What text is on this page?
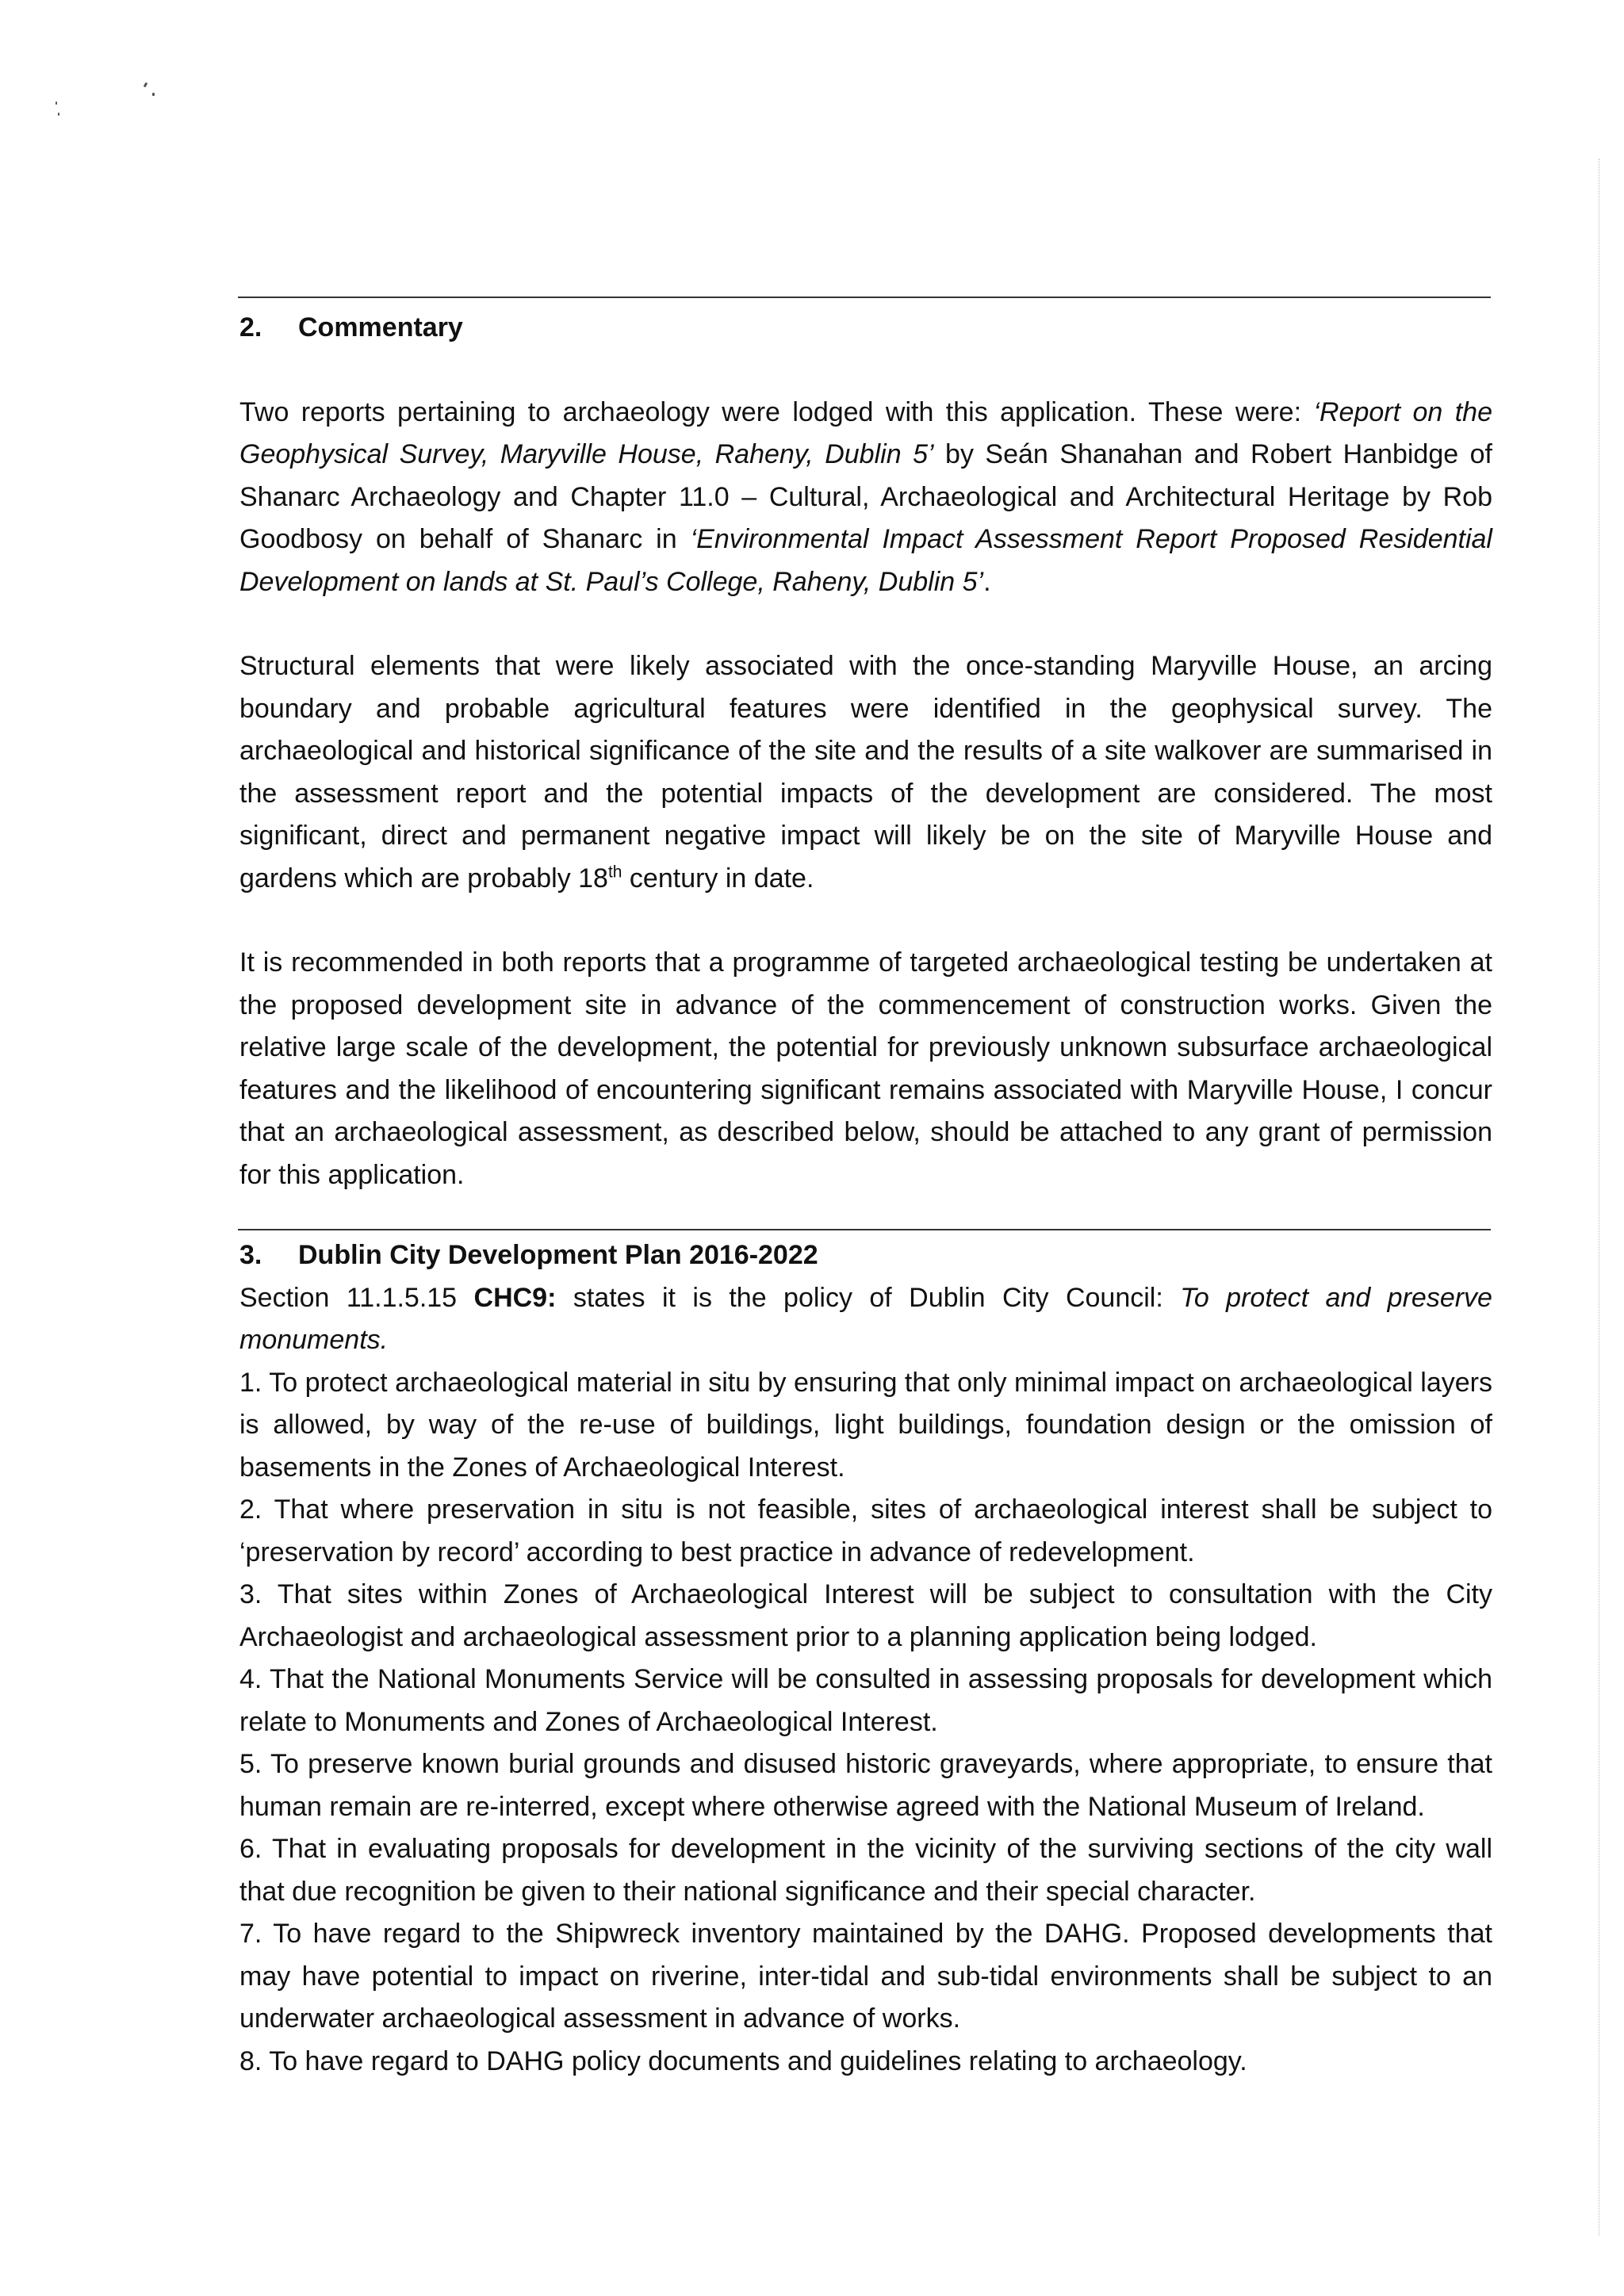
2. Commentary

Two reports pertaining to archaeology were lodged with this application. These were: ‘Report on the Geophysical Survey, Maryville House, Raheny, Dublin 5’ by Seán Shanahan and Robert Hanbidge of Shanarc Archaeology and Chapter 11.0 – Cultural, Archaeological and Architectural Heritage by Rob Goodbosy on behalf of Shanarc in ‘Environmental Impact Assessment Report Proposed Residential Development on lands at St. Paul’s College, Raheny, Dublin 5’.

Structural elements that were likely associated with the once-standing Maryville House, an arcing boundary and probable agricultural features were identified in the geophysical survey. The archaeological and historical significance of the site and the results of a site walkover are summarised in the assessment report and the potential impacts of the development are considered. The most significant, direct and permanent negative impact will likely be on the site of Maryville House and gardens which are probably 18th century in date.

It is recommended in both reports that a programme of targeted archaeological testing be undertaken at the proposed development site in advance of the commencement of construction works. Given the relative large scale of the development, the potential for previously unknown subsurface archaeological features and the likelihood of encountering significant remains associated with Maryville House, I concur that an archaeological assessment, as described below, should be attached to any grant of permission for this application.

3. Dublin City Development Plan 2016-2022

Section 11.1.5.15 CHC9: states it is the policy of Dublin City Council: To protect and preserve monuments.

1. To protect archaeological material in situ by ensuring that only minimal impact on archaeological layers is allowed, by way of the re-use of buildings, light buildings, foundation design or the omission of basements in the Zones of Archaeological Interest.

2. That where preservation in situ is not feasible, sites of archaeological interest shall be subject to ‘preservation by record’ according to best practice in advance of redevelopment.

3. That sites within Zones of Archaeological Interest will be subject to consultation with the City Archaeologist and archaeological assessment prior to a planning application being lodged.

4. That the National Monuments Service will be consulted in assessing proposals for development which relate to Monuments and Zones of Archaeological Interest.

5. To preserve known burial grounds and disused historic graveyards, where appropriate, to ensure that human remain are re-interred, except where otherwise agreed with the National Museum of Ireland.

6. That in evaluating proposals for development in the vicinity of the surviving sections of the city wall that due recognition be given to their national significance and their special character.

7. To have regard to the Shipwreck inventory maintained by the DAHG. Proposed developments that may have potential to impact on riverine, inter-tidal and sub-tidal environments shall be subject to an underwater archaeological assessment in advance of works.

8. To have regard to DAHG policy documents and guidelines relating to archaeology.
